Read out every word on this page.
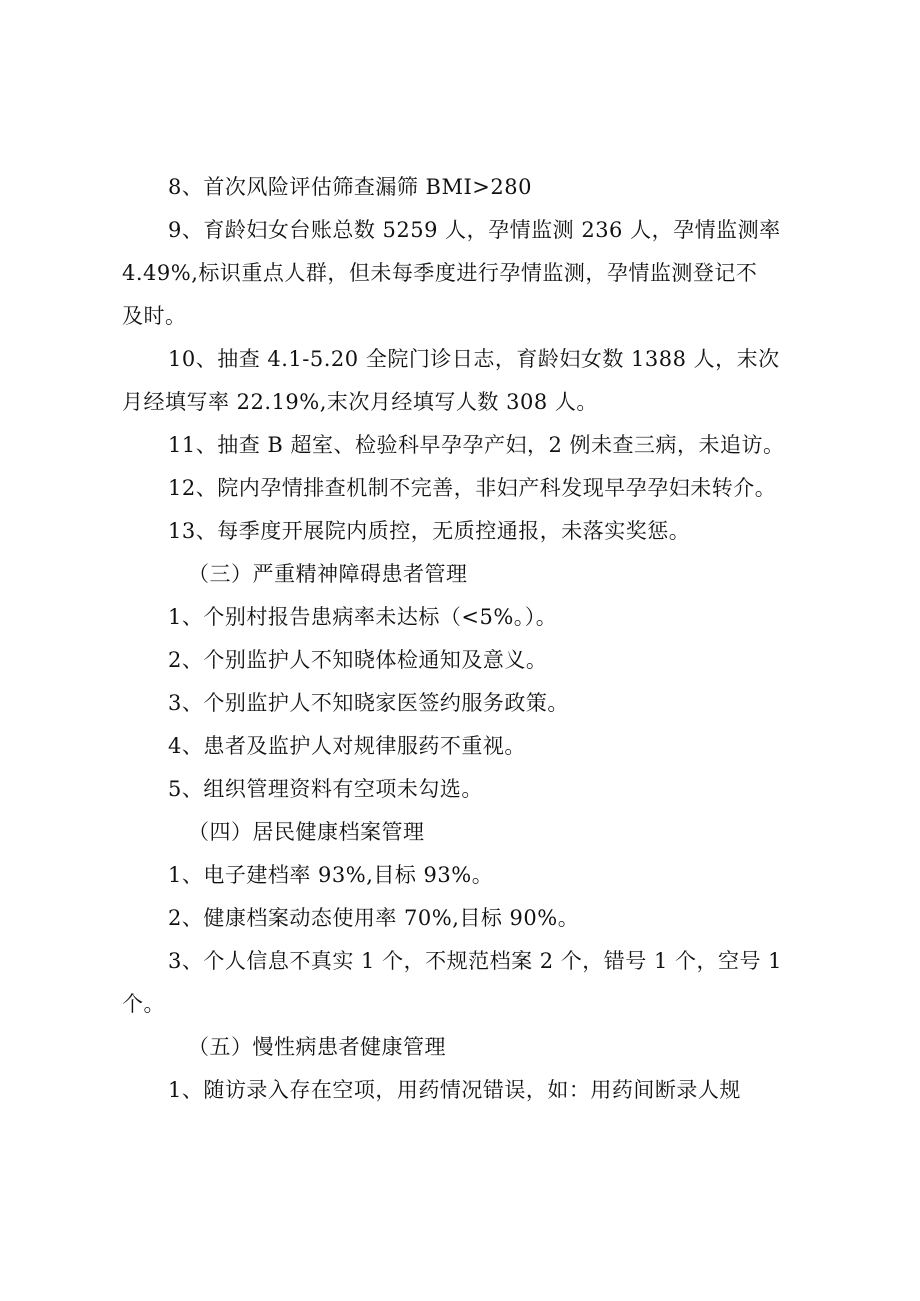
8、首次风险评估筛查漏筛 BMI>280
9、育龄妇女台账总数 5259 人，孕情监测 236 人，孕情监测率
4.49%,标识重点人群，但未每季度进行孕情监测，孕情监测登记不
及时。
10、抽查 4.1-5.20 全院门诊日志，育龄妇女数 1388 人，末次
月经填写率 22.19%,末次月经填写人数 308 人。
11、抽查 B 超室、检验科早孕孕产妇，2 例未查三病，未追访。
12、院内孕情排查机制不完善，非妇产科发现早孕孕妇未转介。
13、每季度开展院内质控，无质控通报，未落实奖惩。
（三）严重精神障碍患者管理
1、个别村报告患病率未达标（<5%。）。
2、个别监护人不知晓体检通知及意义。
3、个别监护人不知晓家医签约服务政策。
4、患者及监护人对规律服药不重视。
5、组织管理资料有空项未勾选。
（四）居民健康档案管理
1、电子建档率 93%,目标 93%。
2、健康档案动态使用率 70%,目标 90%。
3、个人信息不真实 1 个，不规范档案 2 个，错号 1 个，空号 1
个。
（五）慢性病患者健康管理
1、随访录入存在空项，用药情况错误，如：用药间断录人规
